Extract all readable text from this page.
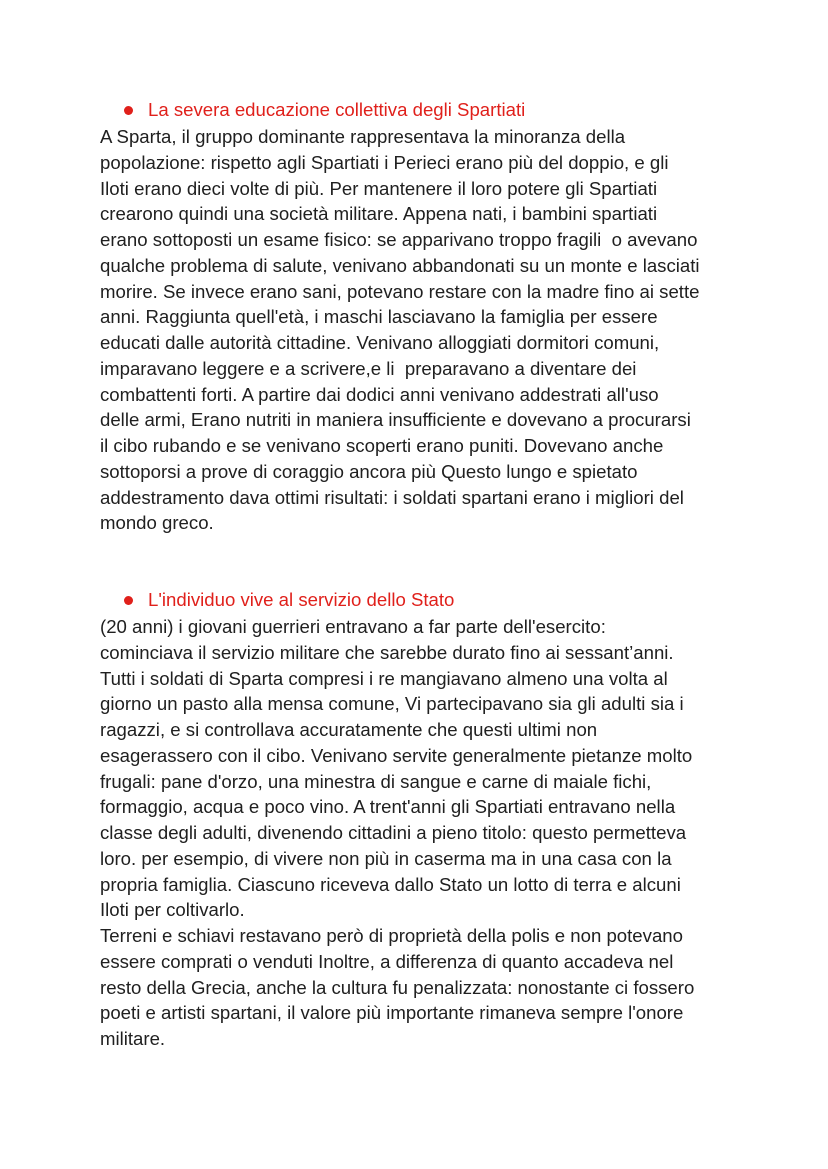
La severa educazione collettiva degli Spartiati
A Sparta, il gruppo dominante rappresentava la minoranza della
popolazione: rispetto agli Spartiati i Perieci erano più del doppio, e gli
Iloti erano dieci volte di più. Per mantenere il loro potere gli Spartiati
crearono quindi una società militare. Appena nati, i bambini spartiati
erano sottoposti un esame fisico: se apparivano troppo fragili  o avevano
qualche problema di salute, venivano abbandonati su un monte e lasciati
morire. Se invece erano sani, potevano restare con la madre fino ai sette
anni. Raggiunta quell'età, i maschi lasciavano la famiglia per essere
educati dalle autorità cittadine. Venivano alloggiati dormitori comuni,
imparavano leggere e a scrivere,e li  preparavano a diventare dei
combattenti forti. A partire dai dodici anni venivano addestrati all'uso
delle armi, Erano nutriti in maniera insufficiente e dovevano a procurarsi
il cibo rubando e se venivano scoperti erano puniti. Dovevano anche
sottoporsi a prove di coraggio ancora più Questo lungo e spietato
addestramento dava ottimi risultati: i soldati spartani erano i migliori del
mondo greco.
L'individuo vive al servizio dello Stato
(20 anni) i giovani guerrieri entravano a far parte dell'esercito:
cominciava il servizio militare che sarebbe durato fino ai sessant’anni.
Tutti i soldati di Sparta compresi i re mangiavano almeno una volta al
giorno un pasto alla mensa comune, Vi partecipavano sia gli adulti sia i
ragazzi, e si controllava accuratamente che questi ultimi non
esagerassero con il cibo. Venivano servite generalmente pietanze molto
frugali: pane d'orzo, una minestra di sangue e carne di maiale fichi,
formaggio, acqua e poco vino. A trent'anni gli Spartiati entravano nella
classe degli adulti, divenendo cittadini a pieno titolo: questo permetteva
loro. per esempio, di vivere non più in caserma ma in una casa con la
propria famiglia. Ciascuno riceveva dallo Stato un lotto di terra e alcuni
Iloti per coltivarlo.
Terreni e schiavi restavano però di proprietà della polis e non potevano
essere comprati o venduti Inoltre, a differenza di quanto accadeva nel
resto della Grecia, anche la cultura fu penalizzata: nonostante ci fossero
poeti e artisti spartani, il valore più importante rimaneva sempre l'onore
militare.
